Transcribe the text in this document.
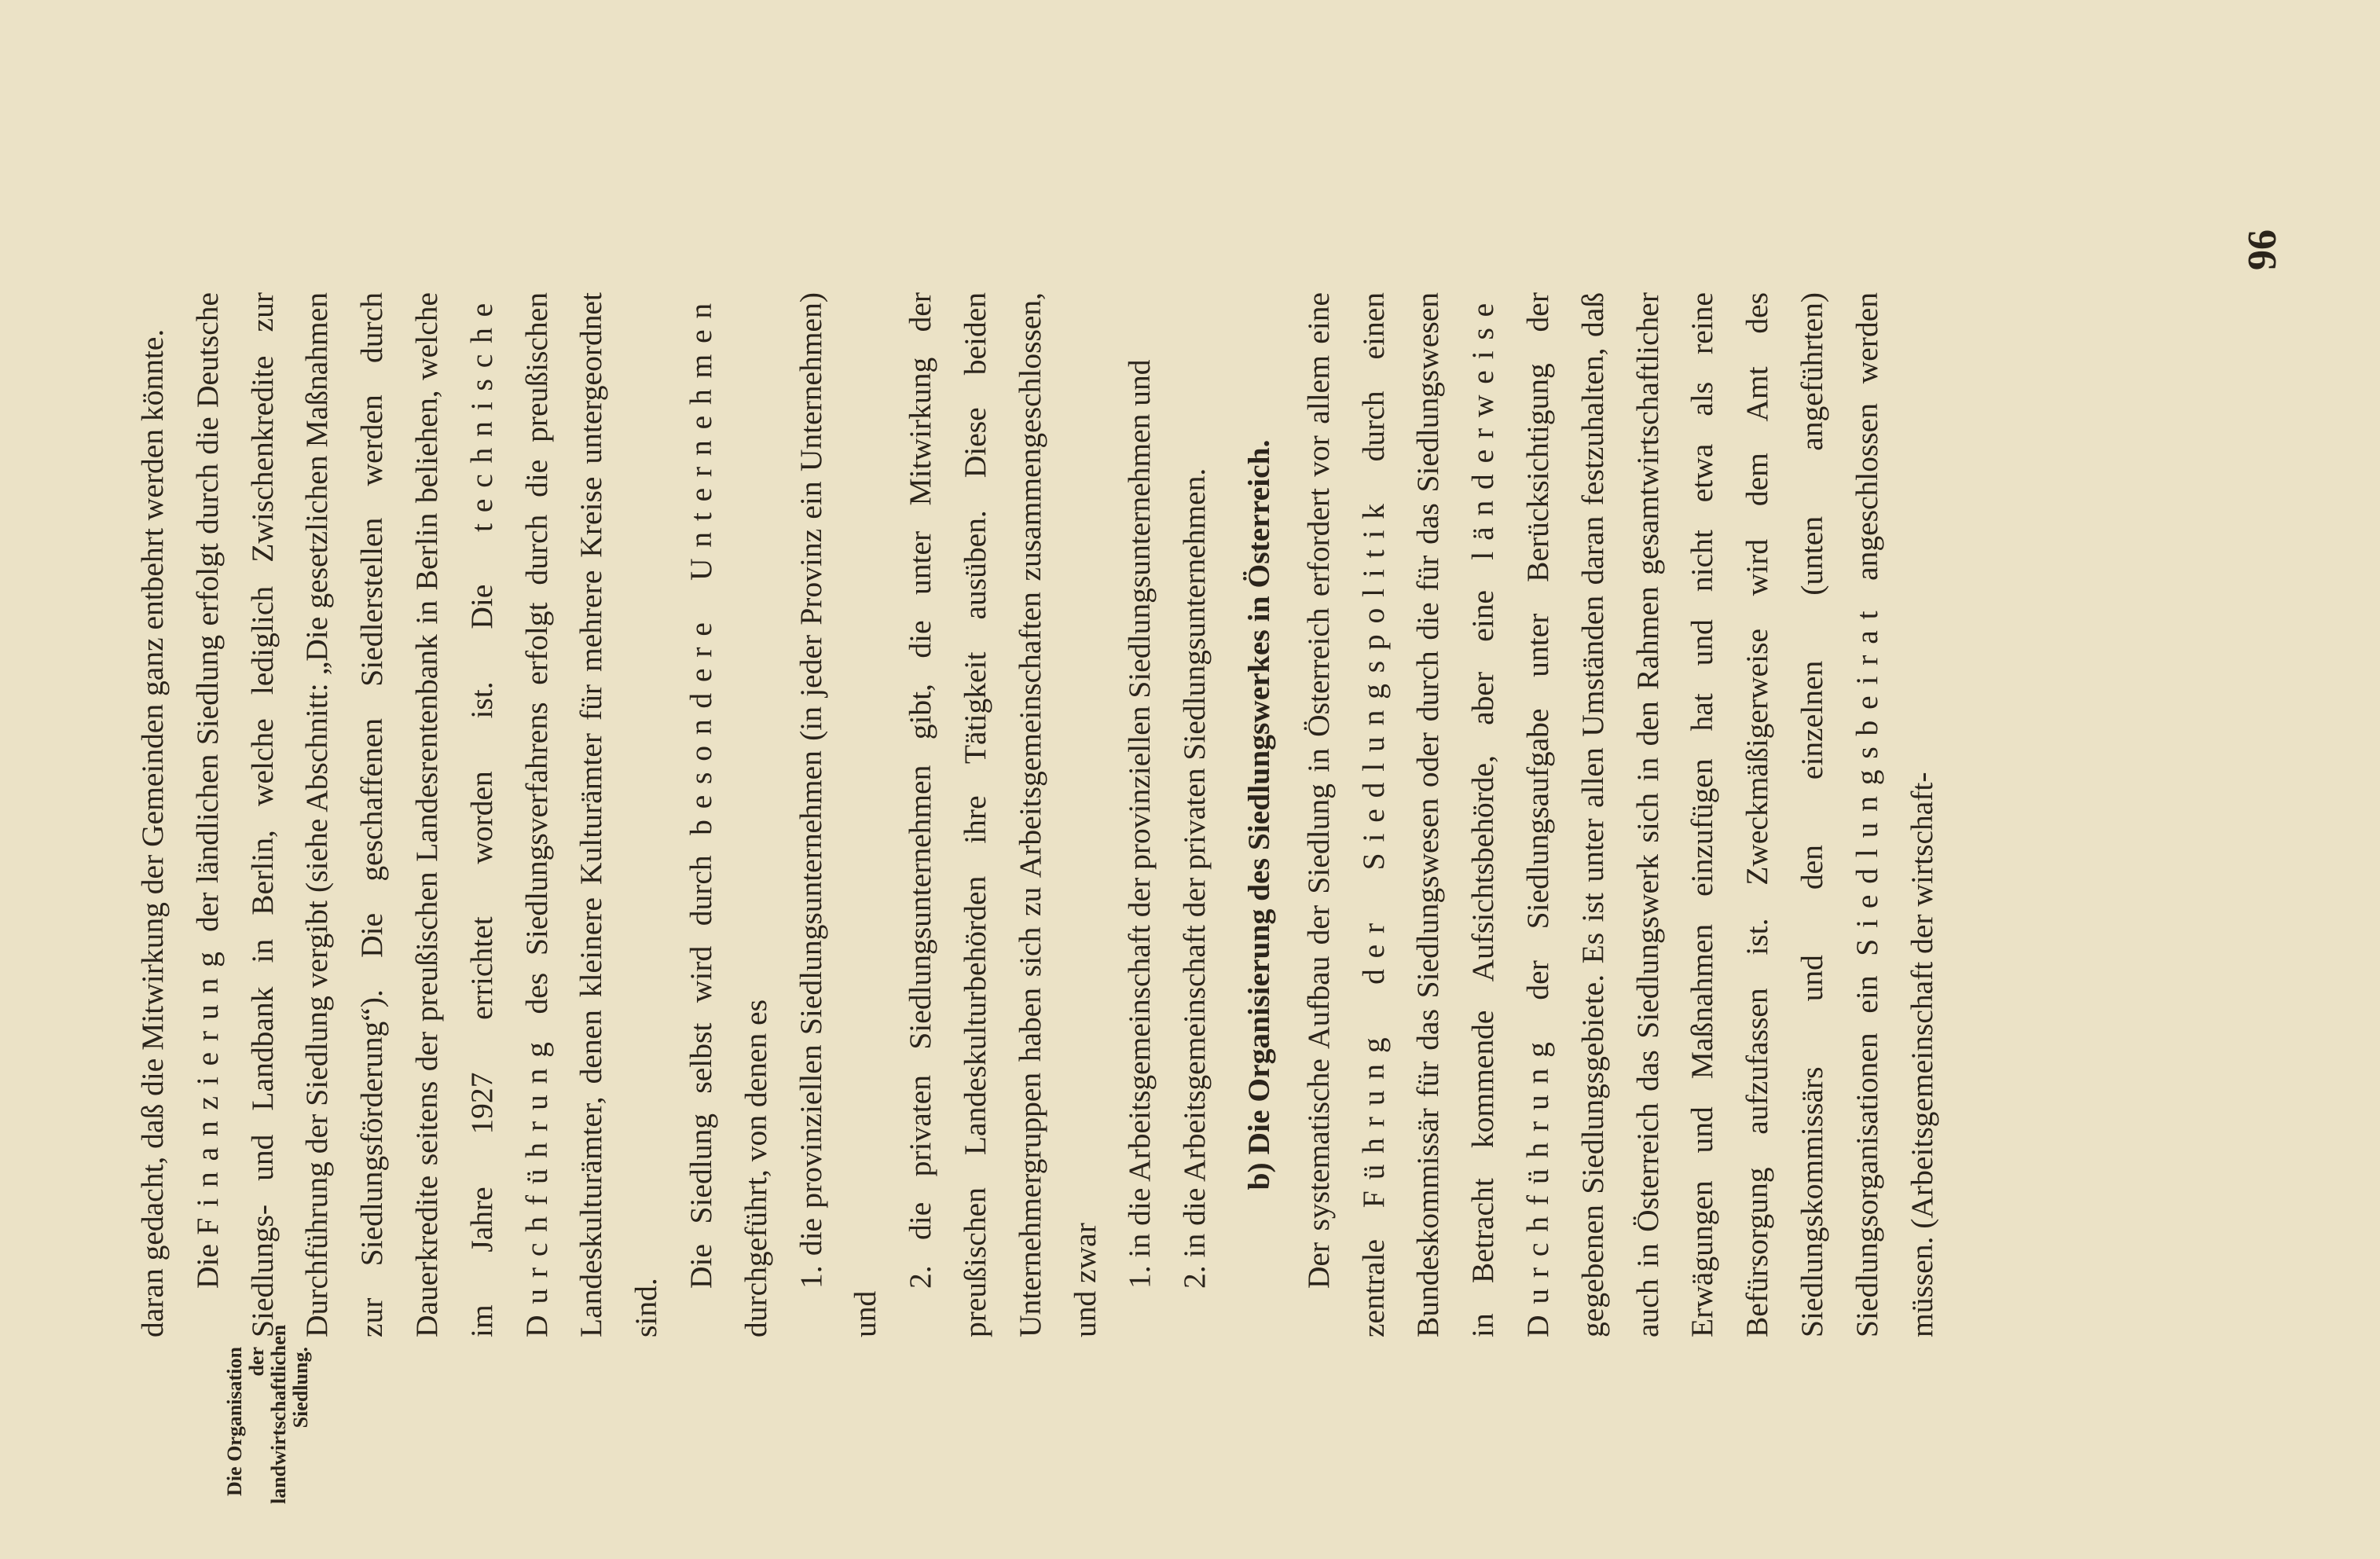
Die Organisation der landwirtschaftlichen Siedlung.

daran gedacht, daß die Mitwirkung der Gemeinden ganz entbehrt werden könnte. Die Finanzierung der ländlichen Siedlung erfolgt durch die Deutsche Siedlungs- und Landbank in Berlin, welche lediglich Zwischenkredite zur Durchführung der Siedlung vergibt (siehe Abschnitt: „Die gesetzlichen Maßnahmen zur Siedlungsförderung“). Die geschaffenen Siedlerstellen werden durch Dauerkredite seitens der preußischen Landesrentenbank in Berlin beliehen, welche im Jahre 1927 errichtet worden ist. Die technische Durchführung des Siedlungsverfahrens erfolgt durch die preußischen Landeskulturämter, denen kleinere Kulturämter für mehrere Kreise untergeordnet sind.

Die Siedlung selbst wird durch besondere Unternehmen durchgeführt, von denen es 1. die provinziellen Siedlungsunternehmen (in jeder Provinz ein Unternehmen) und

2. die privaten Siedlungsunternehmen gibt, die unter Mitwirkung der preußischen Landeskulturbehörden ihre Tätigkeit ausüben. Diese beiden Unternehmergruppen haben sich zu Arbeitsgemeinschaften zusammengeschlossen, und zwar 1. in die Arbeitsgemeinschaft der provinziellen Siedlungsunternehmen und 2. in die Arbeitsgemeinschaft der privaten Siedlungsunternehmen. b) Die Organisierung des Siedlungswerkes in Österreich. Der systematische Aufbau der Siedlung in Österreich erfordert vor allem eine zentrale Führung der Siedlungspolitik durch einen Bundeskommissär für das Siedlungswesen oder durch die für das Siedlungswesen in Betracht kommende Aufsichtsbehörde, aber eine länderweise Durchführung der Siedlungsaufgabe unter Berücksichtigung der gegebenen Siedlungsgebiete. Es ist unter allen Umständen daran festzuhalten, daß auch in Österreich das Siedlungswerk sich in den Rahmen gesamtwirtschaftlicher Erwägungen und Maßnahmen einzufügen hat und nicht etwa als reine Befürsorgung aufzufassen ist. Zweckmäßigerweise wird dem Amt des Siedlungskommissärs und den einzelnen (unten angeführten) Siedlungsorganisationen ein Siedlungsbeirat angeschlossen werden müssen. (Arbeitsgemeinschaft der wirtschaft-

96
